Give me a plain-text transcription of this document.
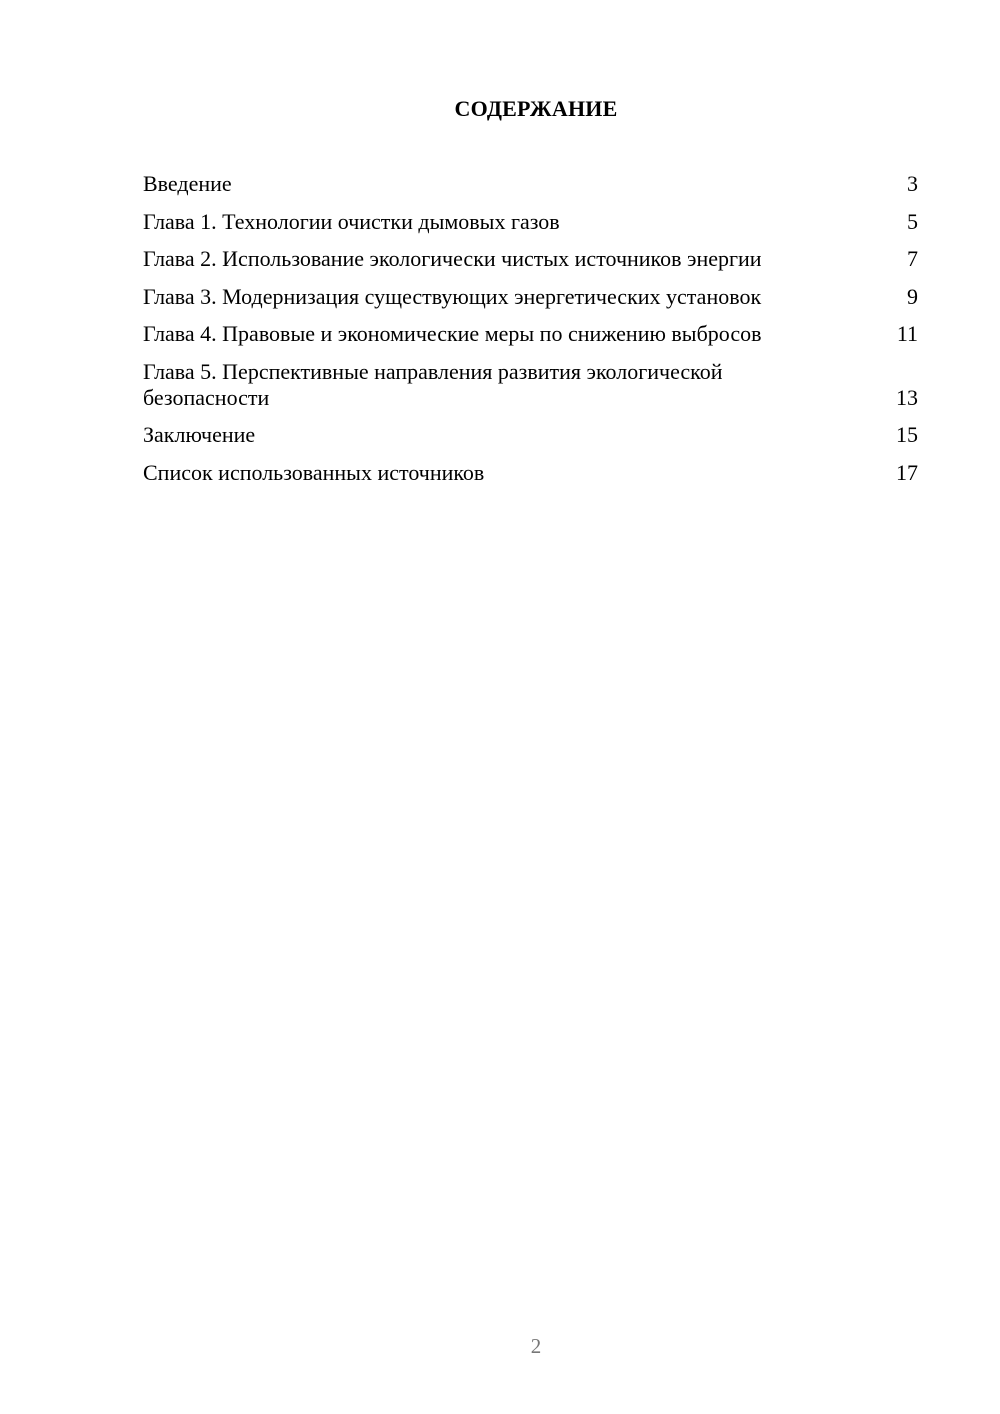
СОДЕРЖАНИЕ
Введение	3
Глава 1. Технологии очистки дымовых газов	5
Глава 2. Использование экологически чистых источников энергии	7
Глава 3. Модернизация существующих энергетических установок	9
Глава 4. Правовые и экономические меры по снижению выбросов	11
Глава 5. Перспективные направления развития экологической безопасности	13
Заключение	15
Список использованных источников	17
2
